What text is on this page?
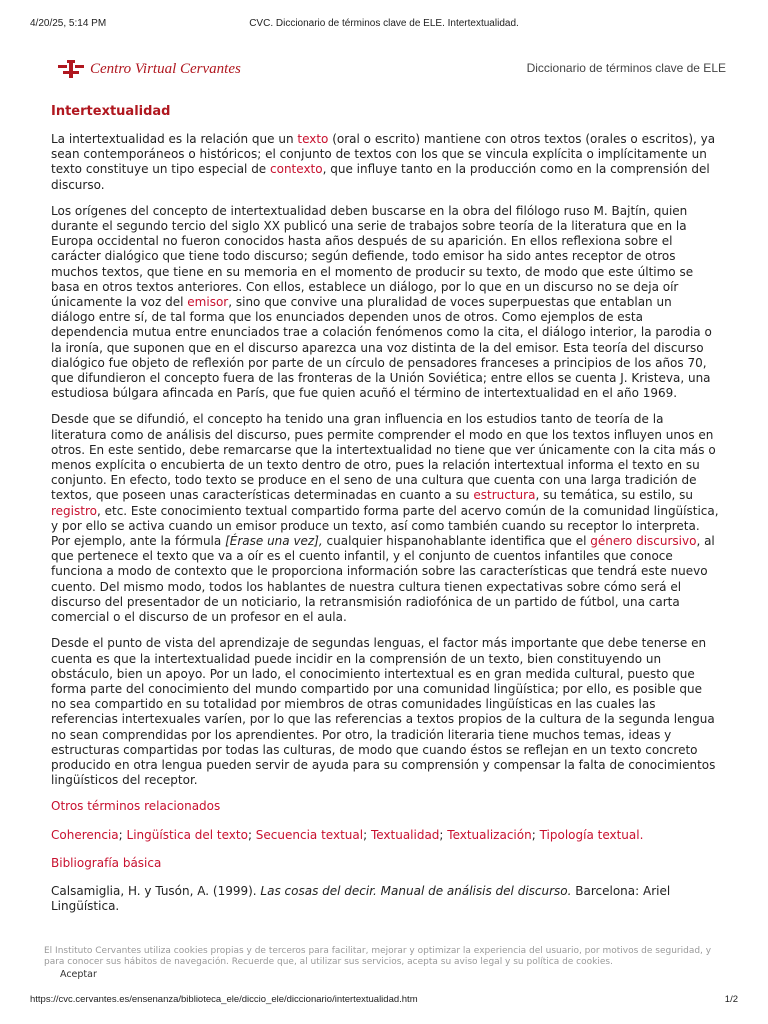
4/20/25, 5:14 PM	CVC. Diccionario de términos clave de ELE. Intertextualidad.
Centro Virtual Cervantes	Diccionario de términos clave de ELE
Intertextualidad

La intertextualidad es la relación que un texto (oral o escrito) mantiene con otros textos (orales o escritos), ya sean contemporáneos o históricos; el conjunto de textos con los que se vincula explícita o implícitamente un texto constituye un tipo especial de contexto, que influye tanto en la producción como en la comprensión del discurso.

Los orígenes del concepto de intertextualidad deben buscarse en la obra del filólogo ruso M. Bajtín, quien durante el segundo tercio del siglo XX publicó una serie de trabajos sobre teoría de la literatura que en la Europa occidental no fueron conocidos hasta años después de su aparición. En ellos reflexiona sobre el carácter dialógico que tiene todo discurso; según defiende, todo emisor ha sido antes receptor de otros muchos textos, que tiene en su memoria en el momento de producir su texto, de modo que este último se basa en otros textos anteriores. Con ellos, establece un diálogo, por lo que en un discurso no se deja oír únicamente la voz del emisor, sino que convive una pluralidad de voces superpuestas que entablan un diálogo entre sí, de tal forma que los enunciados dependen unos de otros. Como ejemplos de esta dependencia mutua entre enunciados trae a colación fenómenos como la cita, el diálogo interior, la parodia o la ironía, que suponen que en el discurso aparezca una voz distinta de la del emisor. Esta teoría del discurso dialógico fue objeto de reflexión por parte de un círculo de pensadores franceses a principios de los años 70, que difundieron el concepto fuera de las fronteras de la Unión Soviética; entre ellos se cuenta J. Kristeva, una estudiosa búlgara afincada en París, que fue quien acuñó el término de intertextualidad en el año 1969.

Desde que se difundió, el concepto ha tenido una gran influencia en los estudios tanto de teoría de la literatura como de análisis del discurso, pues permite comprender el modo en que los textos influyen unos en otros. En este sentido, debe remarcarse que la intertextualidad no tiene que ver únicamente con la cita más o menos explícita o encubierta de un texto dentro de otro, pues la relación intertextual informa el texto en su conjunto. En efecto, todo texto se produce en el seno de una cultura que cuenta con una larga tradición de textos, que poseen unas características determinadas en cuanto a su estructura, su temática, su estilo, su registro, etc. Este conocimiento textual compartido forma parte del acervo común de la comunidad lingüística, y por ello se activa cuando un emisor produce un texto, así como también cuando su receptor lo interpreta. Por ejemplo, ante la fórmula [Érase una vez], cualquier hispanohablante identifica que el género discursivo, al que pertenece el texto que va a oír es el cuento infantil, y el conjunto de cuentos infantiles que conoce funciona a modo de contexto que le proporciona información sobre las características que tendrá este nuevo cuento. Del mismo modo, todos los hablantes de nuestra cultura tienen expectativas sobre cómo será el discurso del presentador de un noticiario, la retransmisión radiofónica de un partido de fútbol, una carta comercial o el discurso de un profesor en el aula.

Desde el punto de vista del aprendizaje de segundas lenguas, el factor más importante que debe tenerse en cuenta es que la intertextualidad puede incidir en la comprensión de un texto, bien constituyendo un obstáculo, bien un apoyo. Por un lado, el conocimiento intertextual es en gran medida cultural, puesto que forma parte del conocimiento del mundo compartido por una comunidad lingüística; por ello, es posible que no sea compartido en su totalidad por miembros de otras comunidades lingüísticas en las cuales las referencias intertexuales varíen, por lo que las referencias a textos propios de la cultura de la segunda lengua no sean comprendidas por los aprendientes. Por otro, la tradición literaria tiene muchos temas, ideas y estructuras compartidas por todas las culturas, de modo que cuando éstos se reflejan en un texto concreto producido en otra lengua pueden servir de ayuda para su comprensión y compensar la falta de conocimientos lingüísticos del receptor.

Otros términos relacionados
Coherencia; Lingüística del texto; Secuencia textual; Textualidad; Textualización; Tipología textual.
Bibliografía básica

Calsamiglia, H. y Tusón, A. (1999). Las cosas del decir. Manual de análisis del discurso. Barcelona: Ariel Lingüística.

El Instituto Cervantes utiliza cookies propias y de terceros para facilitar, mejorar y optimizar la experiencia del usuario, por motivos de seguridad, y para conocer sus hábitos de navegación. Recuerde que, al utilizar sus servicios, acepta su aviso legal y su política de cookies.
Aceptar
https://cvc.cervantes.es/ensenanza/biblioteca_ele/diccio_ele/diccionario/intertextualidad.htm	1/2
